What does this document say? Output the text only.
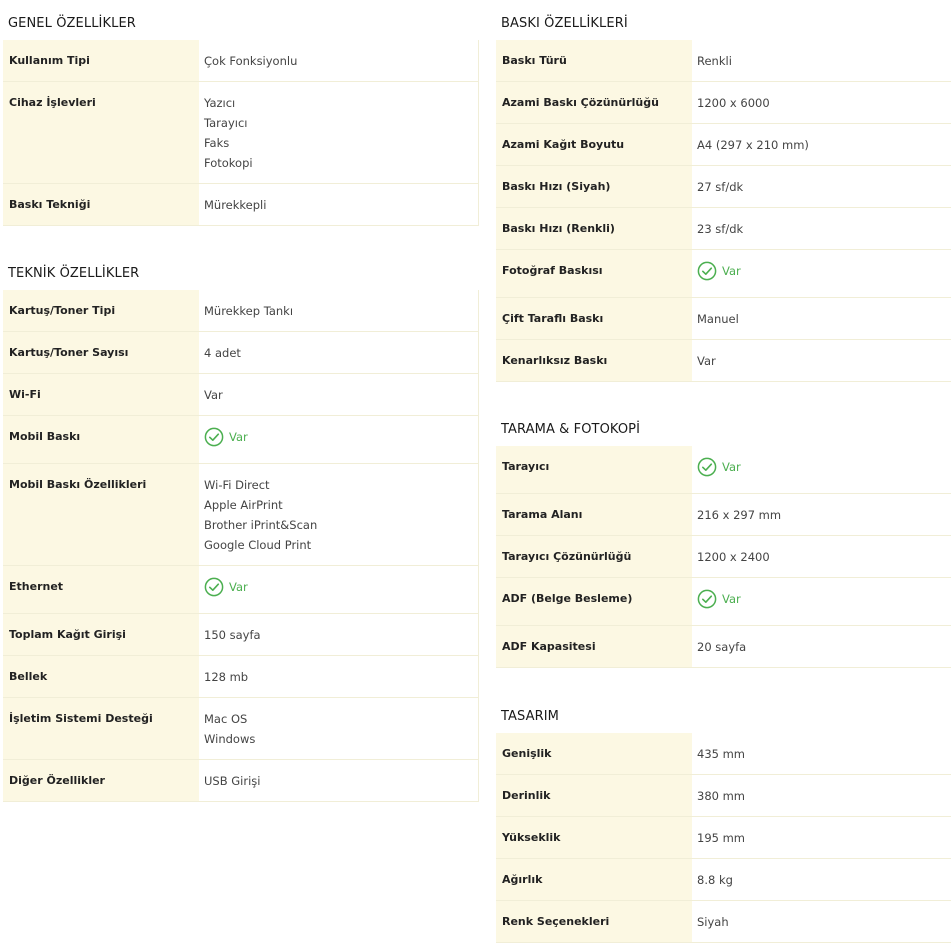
GENEL ÖZELLİKLER
Kullanım Tipi	Çok Fonksiyonlu

Cihaz İşlevleri	Yazıcı
Tarayıcı
Faks
Fotokopi

Baskı Tekniği	Mürekkepli
TEKNİK ÖZELLİKLER
Kartuş/Toner Tipi	Mürekkep Tankı

Kartuş/Toner Sayısı	4 adet

Wi-Fi	Var

Mobil Baskı	Var

Mobil Baskı Özellikleri	Wi-Fi Direct
Apple AirPrint
Brother iPrint&Scan
Google Cloud Print

Ethernet	Var

Toplam Kağıt Girişi	150 sayfa

Bellek	128 mb

İşletim Sistemi Desteği	Mac OS
Windows

Diğer Özellikler	USB Girişi
BASKI ÖZELLİKLERİ
Baskı Türü	Renkli

Azami Baskı Çözünürlüğü	1200 x 6000

Azami Kağıt Boyutu	A4 (297 x 210 mm)

Baskı Hızı (Siyah)	27 sf/dk

Baskı Hızı (Renkli)	23 sf/dk

Fotoğraf Baskısı	Var

Çift Taraflı Baskı	Manuel

Kenarlıksız Baskı	Var
TARAMA & FOTOKOPİ
Tarayıcı	Var

Tarama Alanı	216 x 297 mm

Tarayıcı Çözünürlüğü	1200 x 2400

ADF (Belge Besleme)	Var

ADF Kapasitesi	20 sayfa
TASARIM
Genişlik	435 mm

Derinlik	380 mm

Yükseklik	195 mm

Ağırlık	8.8 kg

Renk Seçenekleri	Siyah
